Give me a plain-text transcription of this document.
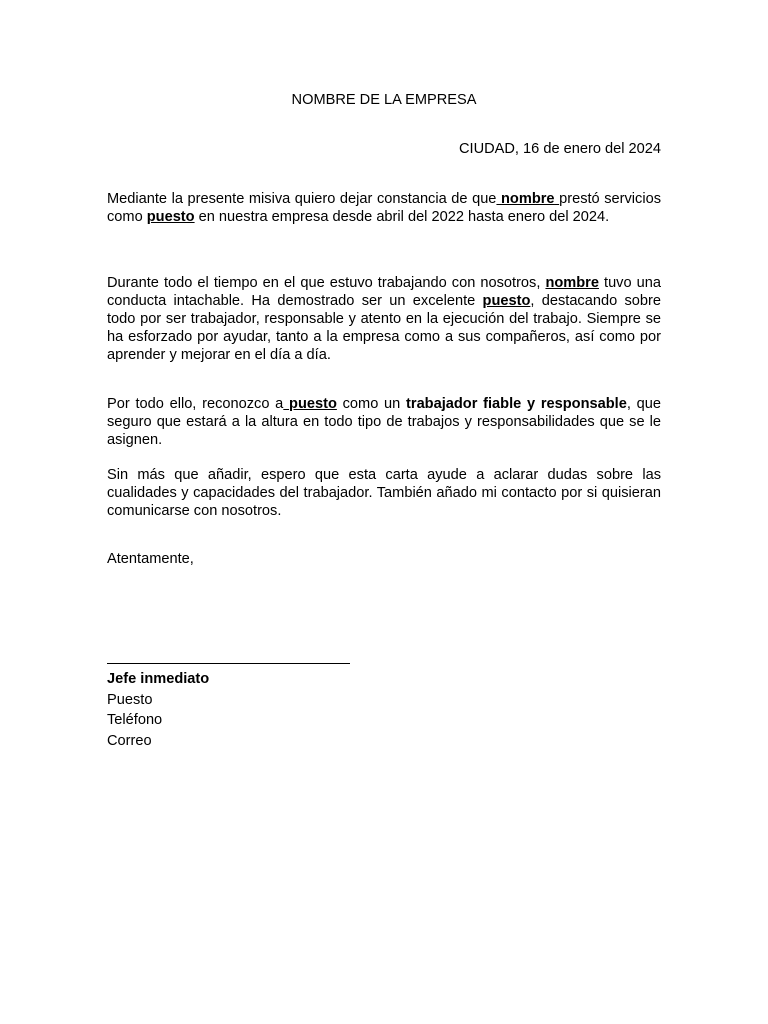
NOMBRE DE LA EMPRESA
CIUDAD, 16 de enero del 2024

Mediante la presente misiva quiero dejar constancia de que nombre prestó servicios como puesto en nuestra empresa desde abril del 2022 hasta enero del 2024.

Durante todo el tiempo en el que estuvo trabajando con nosotros, nombre tuvo una conducta intachable. Ha demostrado ser un excelente puesto, destacando sobre todo por ser trabajador, responsable y atento en la ejecución del trabajo. Siempre se ha esforzado por ayudar, tanto a la empresa como a sus compañeros, así como por aprender y mejorar en el día a día.

Por todo ello, reconozco a puesto como un trabajador fiable y responsable, que seguro que estará a la altura en todo tipo de trabajos y responsabilidades que se le asignen.

Sin más que añadir, espero que esta carta ayude a aclarar dudas sobre las cualidades y capacidades del trabajador. También añado mi contacto por si quisieran comunicarse con nosotros.

Atentamente,
Jefe inmediato
Puesto
Teléfono
Correo
